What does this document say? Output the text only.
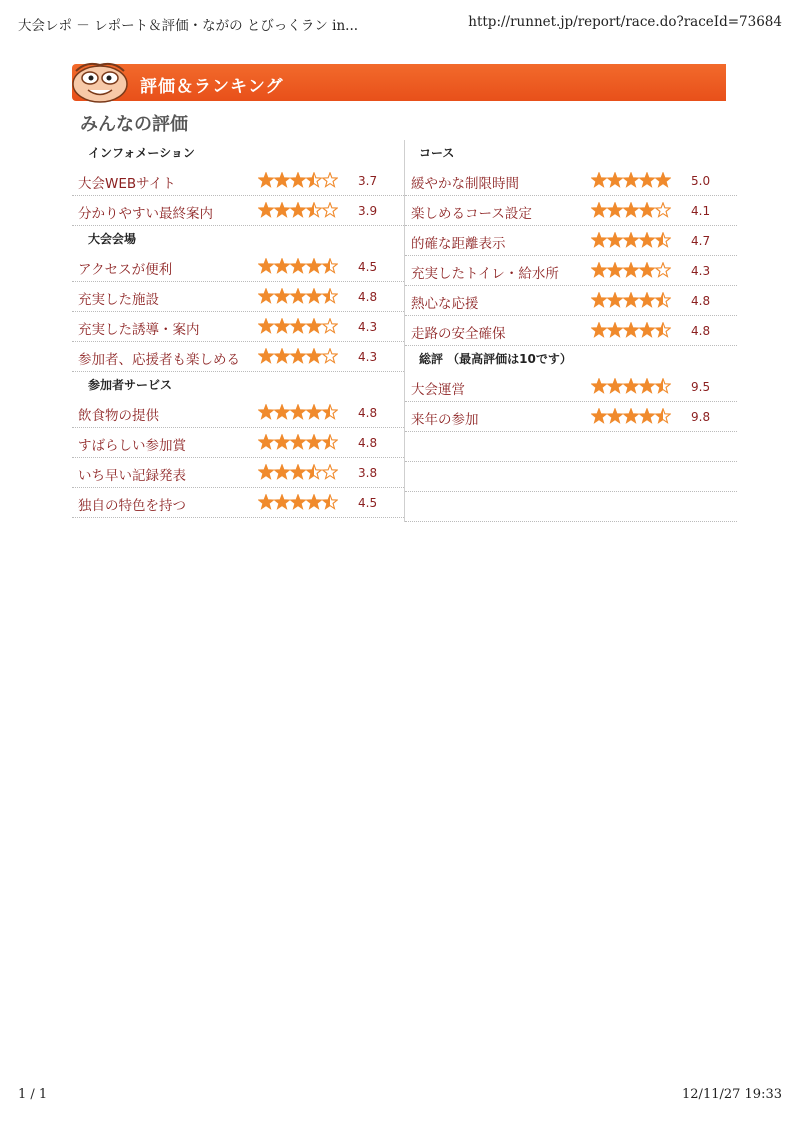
大会レポ － レポート＆評価・ながの とびっくラン in...	http://runnet.jp/report/race.do?raceId=73684
評価＆ランキング
みんなの評価
インフォメーション
大会WEBサイト	3.7
分かりやすい最終案内	3.9
大会会場
アクセスが便利	4.5
充実した施設	4.8
充実した誘導・案内	4.3
参加者、応援者も楽しめる	4.3
参加者サービス
飲食物の提供	4.8
すばらしい参加賞	4.8
いち早い記録発表	3.8
独自の特色を持つ	4.5
コース
緩やかな制限時間	5.0
楽しめるコース設定	4.1
的確な距離表示	4.7
充実したトイレ・給水所	4.3
熱心な応援	4.8
走路の安全確保	4.8
総評 （最高評価は10です）
大会運営	9.5
来年の参加	9.8
1 / 1	12/11/27 19:33
